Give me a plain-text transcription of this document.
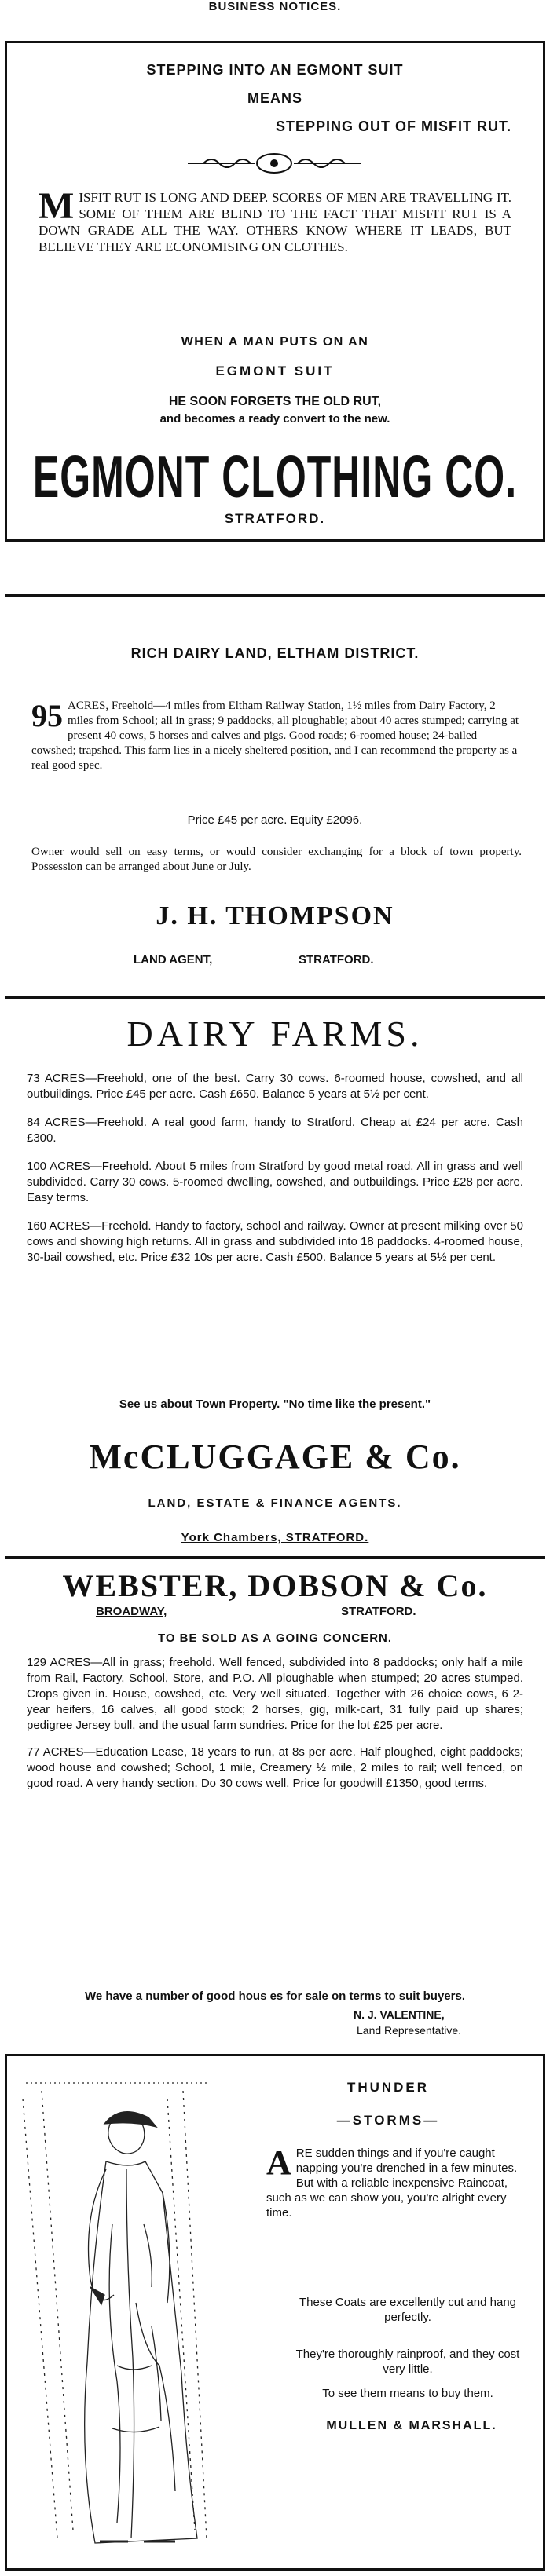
BUSINESS NOTICES.
STEPPING INTO AN EGMONT SUIT
MEANS
STEPPING OUT OF MISFIT RUT.
M ISFIT RUT IS LONG AND DEEP. SCORES OF MEN ARE TRAVELLING IT. SOME OF THEM ARE BLIND TO THE FACT THAT MISFIT RUT IS A DOWN GRADE ALL THE WAY. OTHERS KNOW WHERE IT LEADS, BUT BELIEVE THEY ARE ECONOMISING ON CLOTHES.
WHEN A MAN PUTS ON AN
EGMONT SUIT
HE SOON FORGETS THE OLD RUT,
and becomes a ready convert to the new.
EGMONT CLOTHING CO.
STRATFORD.
RICH DAIRY LAND, ELTHAM DISTRICT.
95 ACRES, Freehold—4 miles from Eltham Railway Station, 1½ miles from Dairy Factory, 2 miles from School; all in grass; 9 paddocks, all ploughable; about 40 acres stumped; carrying at present 40 cows, 5 horses and calves and pigs. Good roads; 6-roomed house; 24-bailed cowshed; trapshed. This farm lies in a nicely sheltered position, and I can recommend the property as a real good spec.
Price £45 per acre. Equity £2096.
Owner would sell on easy terms, or would consider exchanging for a block of town property. Possession can be arranged about June or July.
J. H. THOMPSON
LAND AGENT,	STRATFORD.
DAIRY FARMS.
73 ACRES—Freehold, one of the best. Carry 30 cows. 6-roomed house, cowshed, and all outbuildings. Price £45 per acre. Cash £650. Balance 5 years at 5½ per cent.
84 ACRES—Freehold. A real good farm, handy to Stratford. Cheap at £24 per acre. Cash £300.
100 ACRES—Freehold. About 5 miles from Stratford by good metal road. All in grass and well subdivided. Carry 30 cows. 5-roomed dwelling, cowshed, and outbuildings. Price £28 per acre. Easy terms.
160 ACRES—Freehold. Handy to factory, school and railway. Owner at present milking over 50 cows and showing high returns. All in grass and subdivided into 18 paddocks. 4-roomed house, 30-bail cowshed, etc. Price £32 10s per acre. Cash £500. Balance 5 years at 5½ per cent.
See us about Town Property. "No time like the present."
McCLUGGAGE & Co.
LAND, ESTATE & FINANCE AGENTS.
York Chambers, STRATFORD.
WEBSTER, DOBSON & Co.
BROADWAY,	STRATFORD.
TO BE SOLD AS A GOING CONCERN.
129 ACRES—All in grass; freehold. Well fenced, subdivided into 8 paddocks; only half a mile from Rail, Factory, School, Store, and P.O. All ploughable when stumped; 20 acres stumped. Crops given in. House, cowshed, etc. Very well situated. Together with 26 choice cows, 6 2-year heifers, 16 calves, all good stock; 2 horses, gig, milk-cart, 31 fully paid up shares; pedigree Jersey bull, and the usual farm sundries. Price for the lot £25 per acre.
77 ACRES—Education Lease, 18 years to run, at 8s per acre. Half ploughed, eight paddocks; wood house and cowshed; School, 1 mile, Creamery ½ mile, 2 miles to rail; well fenced, on good road. A very handy section. Do 30 cows well. Price for goodwill £1350, good terms.
We have a number of good hous es for sale on terms to suit buyers.
N. J. VALENTINE,
Land Representative.
THUNDER
—STORMS—
A RE sudden things and if you're caught napping you're drenched in a few minutes. But with a reliable inexpensive Raincoat, such as we can show you, you're alright every time.
These Coats are excellently cut and hang perfectly.
They're thoroughly rainproof, and they cost very little.
To see them means to buy them.
MULLEN & MARSHALL.
